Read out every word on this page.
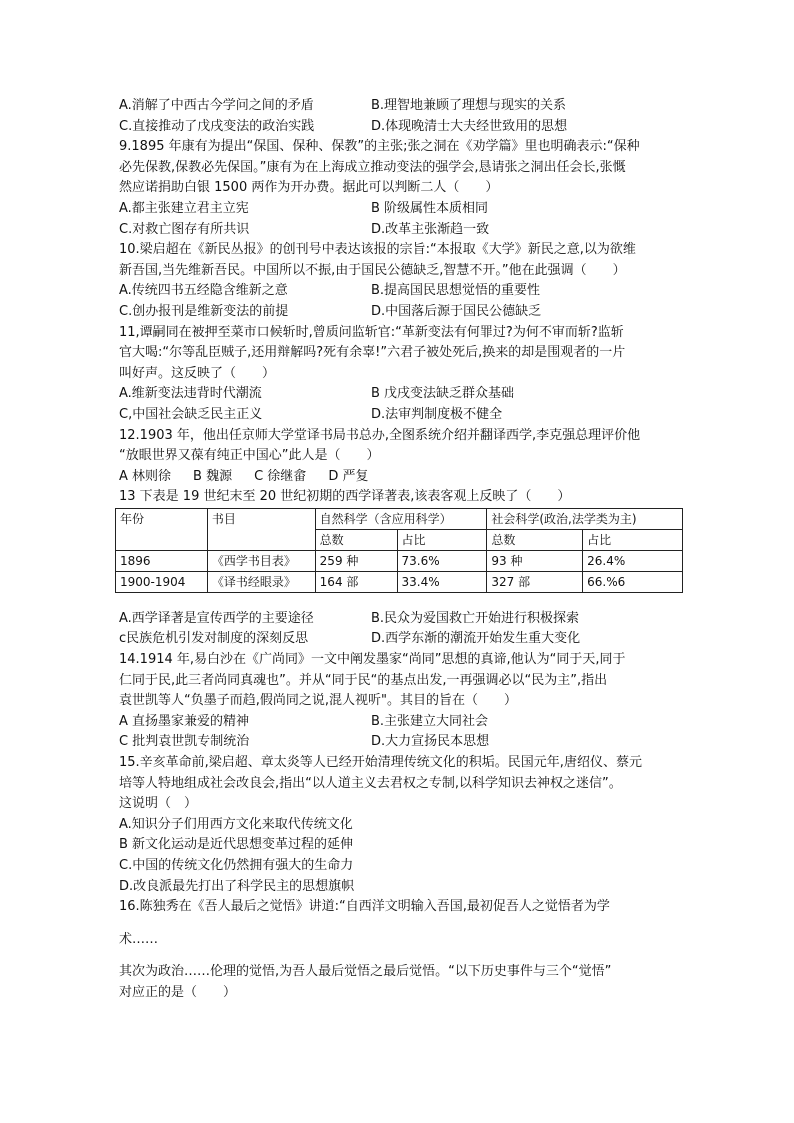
A.消解了中西古今学问之间的矛盾	B.理智地兼顾了理想与现实的关系
C.直接推动了戊戌变法的政治实践	D.体现晚清士大夫经世致用的思想
9.1895 年康有为提出“保国、保种、保教”的主张;张之洞在《劝学篇》里也明确表示:“保种
必先保教,保教必先保国。”康有为在上海成立推动变法的强学会,恳请张之洞出任会长,张慨
然应诺捐助白银 1500 两作为开办费。据此可以判断二人（　　）
A.都主张建立君主立宪	B 阶级属性本质相同
C.对救亡图存有所共识	D.改革主张渐趋一致
10.梁启超在《新民丛报》的创刊号中表达该报的宗旨:“本报取《大学》新民之意,以为欲维
新吾国,当先维新吾民。中国所以不振,由于国民公德缺乏,智慧不开。”他在此强调（　　）
A.传统四书五经隐含维新之意	B.提高国民思想觉悟的重要性
C.创办报刊是维新变法的前提	D.中国落后源于国民公德缺乏
11,谭嗣同在被押至菜市口候斩时,曾质问监斩官:“革新变法有何罪过?为何不审而斩?监斩
官大喝:“尔等乱臣贼子,还用辩解吗?死有余辜!”六君子被处死后,换来的却是围观者的一片
叫好声。这反映了（　　）
A.维新变法违背时代潮流	B 戊戌变法缺乏群众基础
C,中国社会缺乏民主正义	D.法审判制度极不健全
12.1903 年，他出任京师大学堂译书局书总办,全图系统介绍并翻译西学,李克强总理评价他
“放眼世界又葆有纯正中国心”此人是（　　）
A 林则徐 B 魏源 C 徐继畲 D 严复
13 下表是 19 世纪末至 20 世纪初期的西学译著表,该表客观上反映了（　　）
年份	书目	自然科学（含应用科学）		社会科学(政治,法学类为主)	
		总数	占比	总数	占比
1896	《西学书目表》	259 种	73.6%	93 种	26.4%
1900-1904	《译书经眼录》	164 部	33.4%	327 部	66.%6
A.西学译著是宣传西学的主要途径	B.民众为爱国救亡开始进行积极探索
c民族危机引发对制度的深刻反思	D.西学东渐的潮流开始发生重大变化
14.1914 年,易白沙在《广尚同》一文中阐发墨家“尚同”思想的真谛,他认为“同于天,同于
仁同于民,此三者尚同真魂也”。并从“同于民“的基点出发,一再强调必以“民为主”,指出
袁世凯等人“负墨子而趋,假尚同之说,混人视听"。其目的旨在（　　）
A 直扬墨家兼爱的精神	B.主张建立大同社会
C 批判袁世凯专制统治	D.大力宣扬民本思想
15.辛亥革命前,梁启超、章太炎等人已经开始清理传统文化的积垢。民国元年,唐绍仪、蔡元
培等人特地组成社会改良会,指出“以人道主义去君权之专制,以科学知识去神权之迷信”。
这说明（　）
A.知识分子们用西方文化来取代传统文化
B 新文化运动是近代思想变革过程的延伸
C.中国的传统文化仍然拥有强大的生命力
D.改良派最先打出了科学民主的思想旗帜
16.陈独秀在《吾人最后之觉悟》讲道:“自西洋文明输入吾国,最初促吾人之觉悟者为学
术……
其次为政治……伦理的觉悟,为吾人最后觉悟之最后觉悟。“以下历史事件与三个“觉悟”
对应正的是（　　）
